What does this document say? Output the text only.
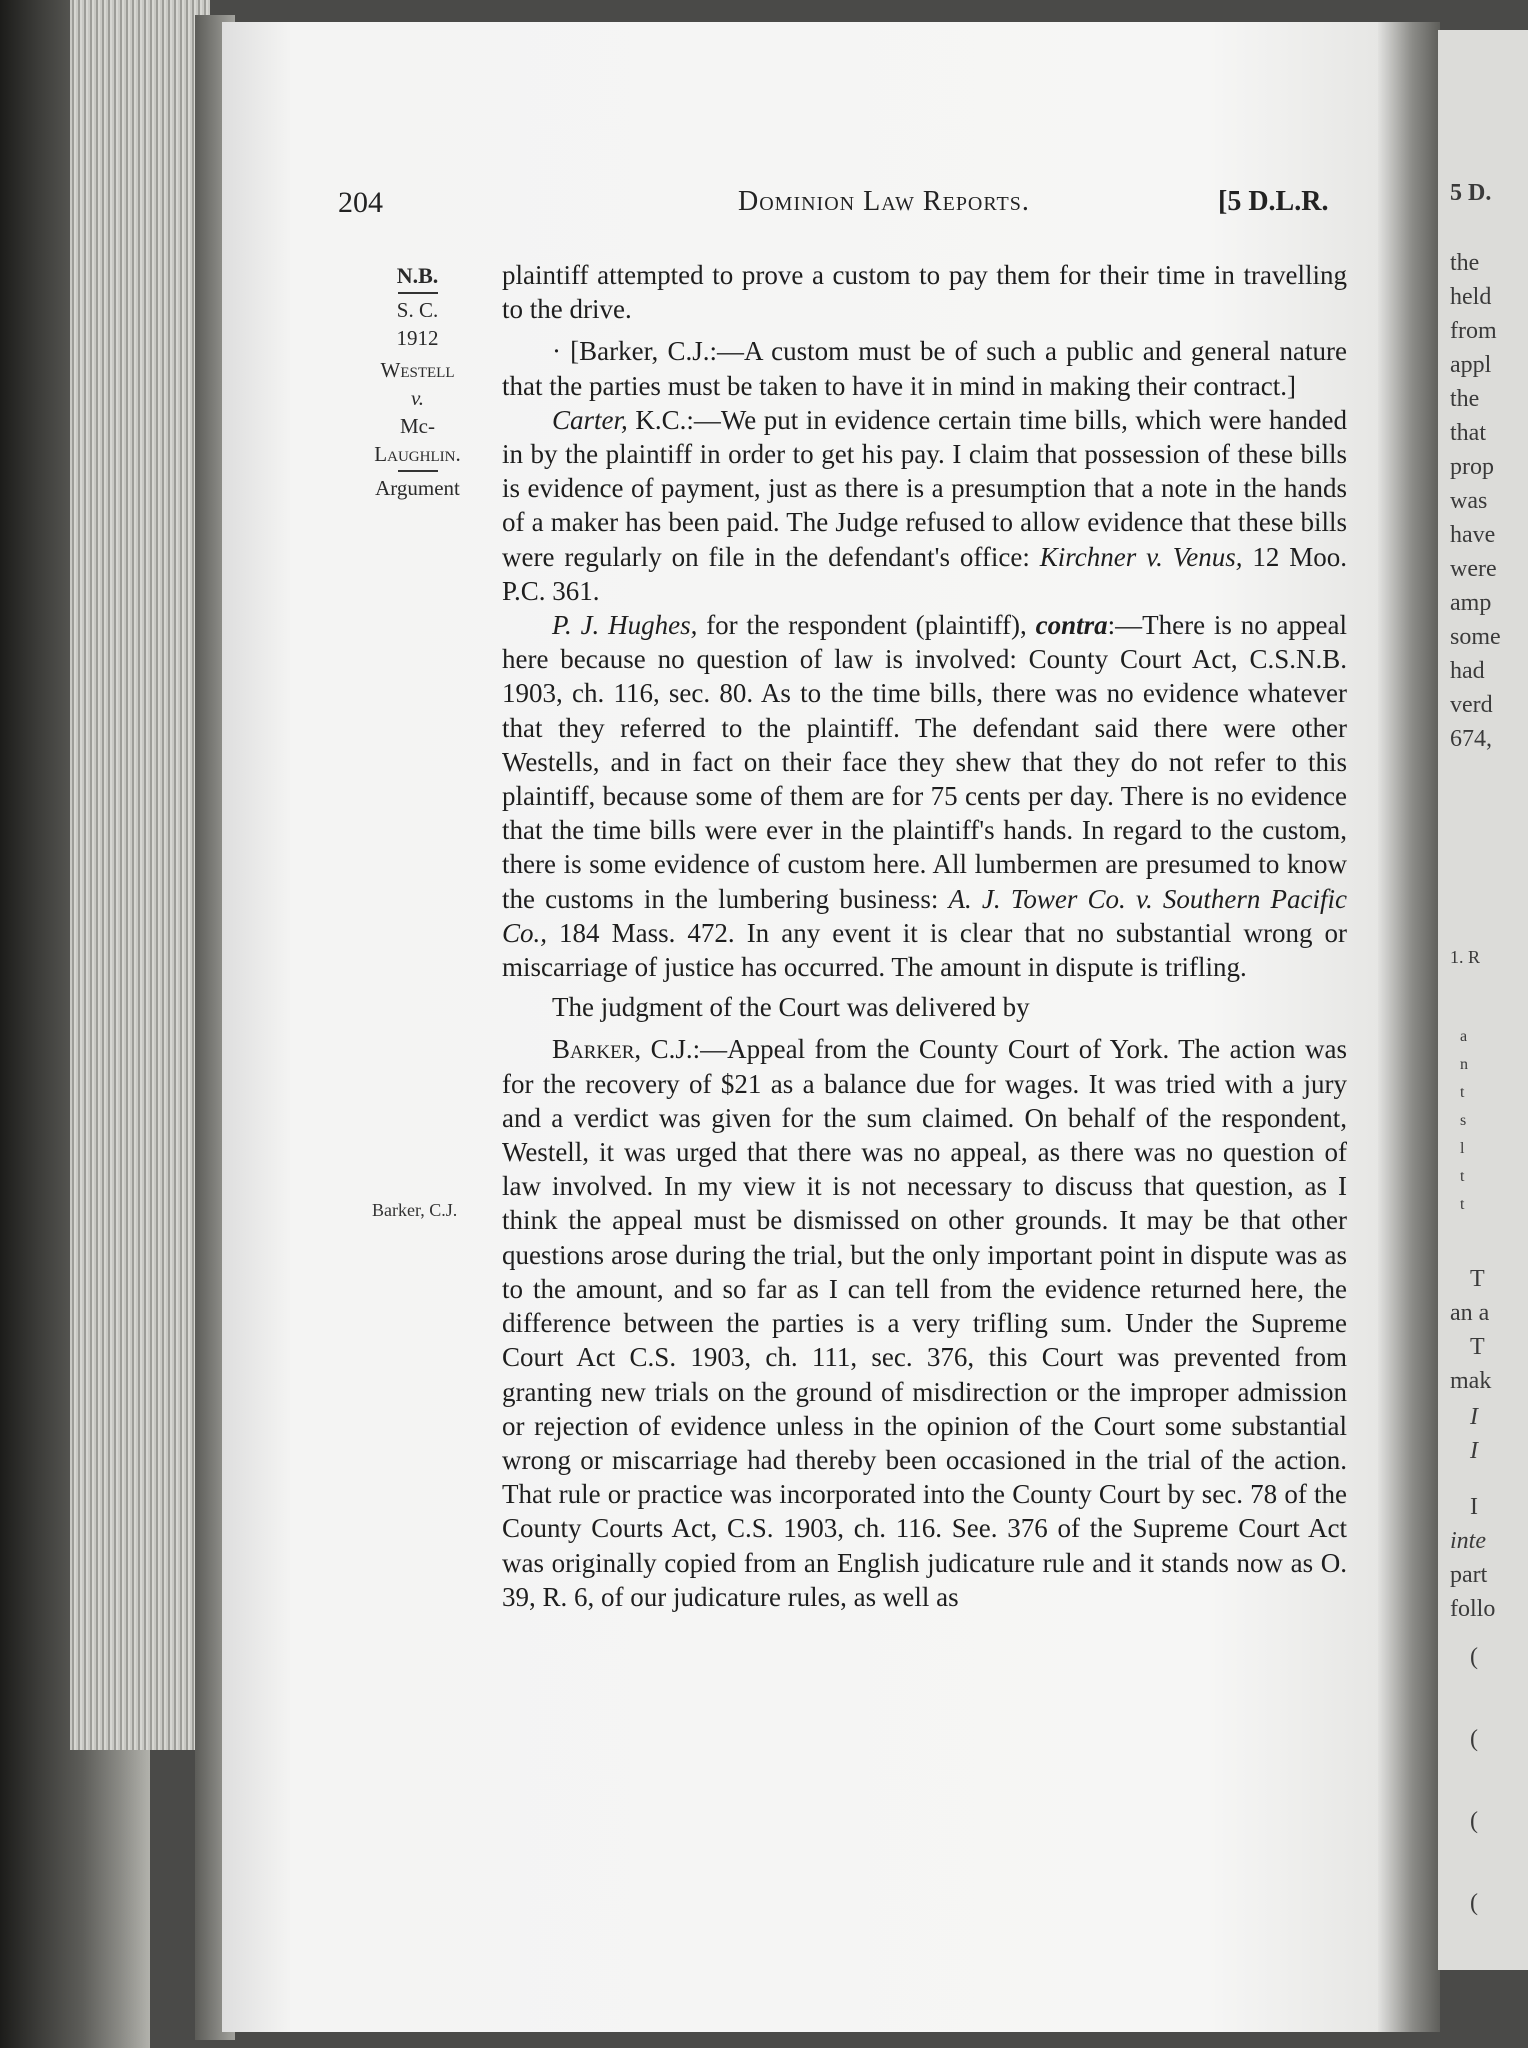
5 D.
the
held
from
appl
the
that
prop
was
have
were
amp
some
had
verd
674,
1. R
a
n
t
s
l
t
t
T
an a
T
mak
I
I
I
inte
part
follo
(
(
(
(
204	Dominion Law Reports.	[5 D.L.R.
N.B.
S. C.
1912
Westell
v.
Mc-
Laughlin.
Argument
Barker, C.J.

plaintiff attempted to prove a custom to pay them for their time in travelling to the drive.

· [Barker, C.J.:—A custom must be of such a public and general nature that the parties must be taken to have it in mind in making their contract.]

Carter, K.C.:—We put in evidence certain time bills, which were handed in by the plaintiff in order to get his pay. I claim that possession of these bills is evidence of payment, just as there is a presumption that a note in the hands of a maker has been paid. The Judge refused to allow evidence that these bills were regularly on file in the defendant's office: Kirchner v. Venus, 12 Moo. P.C. 361.

P. J. Hughes, for the respondent (plaintiff), contra:—There is no appeal here because no question of law is involved: County Court Act, C.S.N.B. 1903, ch. 116, sec. 80. As to the time bills, there was no evidence whatever that they referred to the plaintiff. The defendant said there were other Westells, and in fact on their face they shew that they do not refer to this plaintiff, because some of them are for 75 cents per day. There is no evidence that the time bills were ever in the plaintiff's hands. In regard to the custom, there is some evidence of custom here. All lumbermen are presumed to know the customs in the lumbering business: A. J. Tower Co. v. Southern Pacific Co., 184 Mass. 472. In any event it is clear that no substantial wrong or miscarriage of justice has occurred. The amount in dispute is trifling.

The judgment of the Court was delivered by

Barker, C.J.:—Appeal from the County Court of York. The action was for the recovery of $21 as a balance due for wages. It was tried with a jury and a verdict was given for the sum claimed. On behalf of the respondent, Westell, it was urged that there was no appeal, as there was no question of law involved. In my view it is not necessary to discuss that question, as I think the appeal must be dismissed on other grounds. It may be that other questions arose during the trial, but the only important point in dispute was as to the amount, and so far as I can tell from the evidence returned here, the difference between the parties is a very trifling sum. Under the Supreme Court Act C.S. 1903, ch. 111, sec. 376, this Court was prevented from granting new trials on the ground of misdirection or the improper admission or rejection of evidence unless in the opinion of the Court some substantial wrong or miscarriage had thereby been occasioned in the trial of the action. That rule or practice was incorporated into the County Court by sec. 78 of the County Courts Act, C.S. 1903, ch. 116. See. 376 of the Supreme Court Act was originally copied from an English judicature rule and it stands now as O. 39, R. 6, of our judicature rules, as well as
